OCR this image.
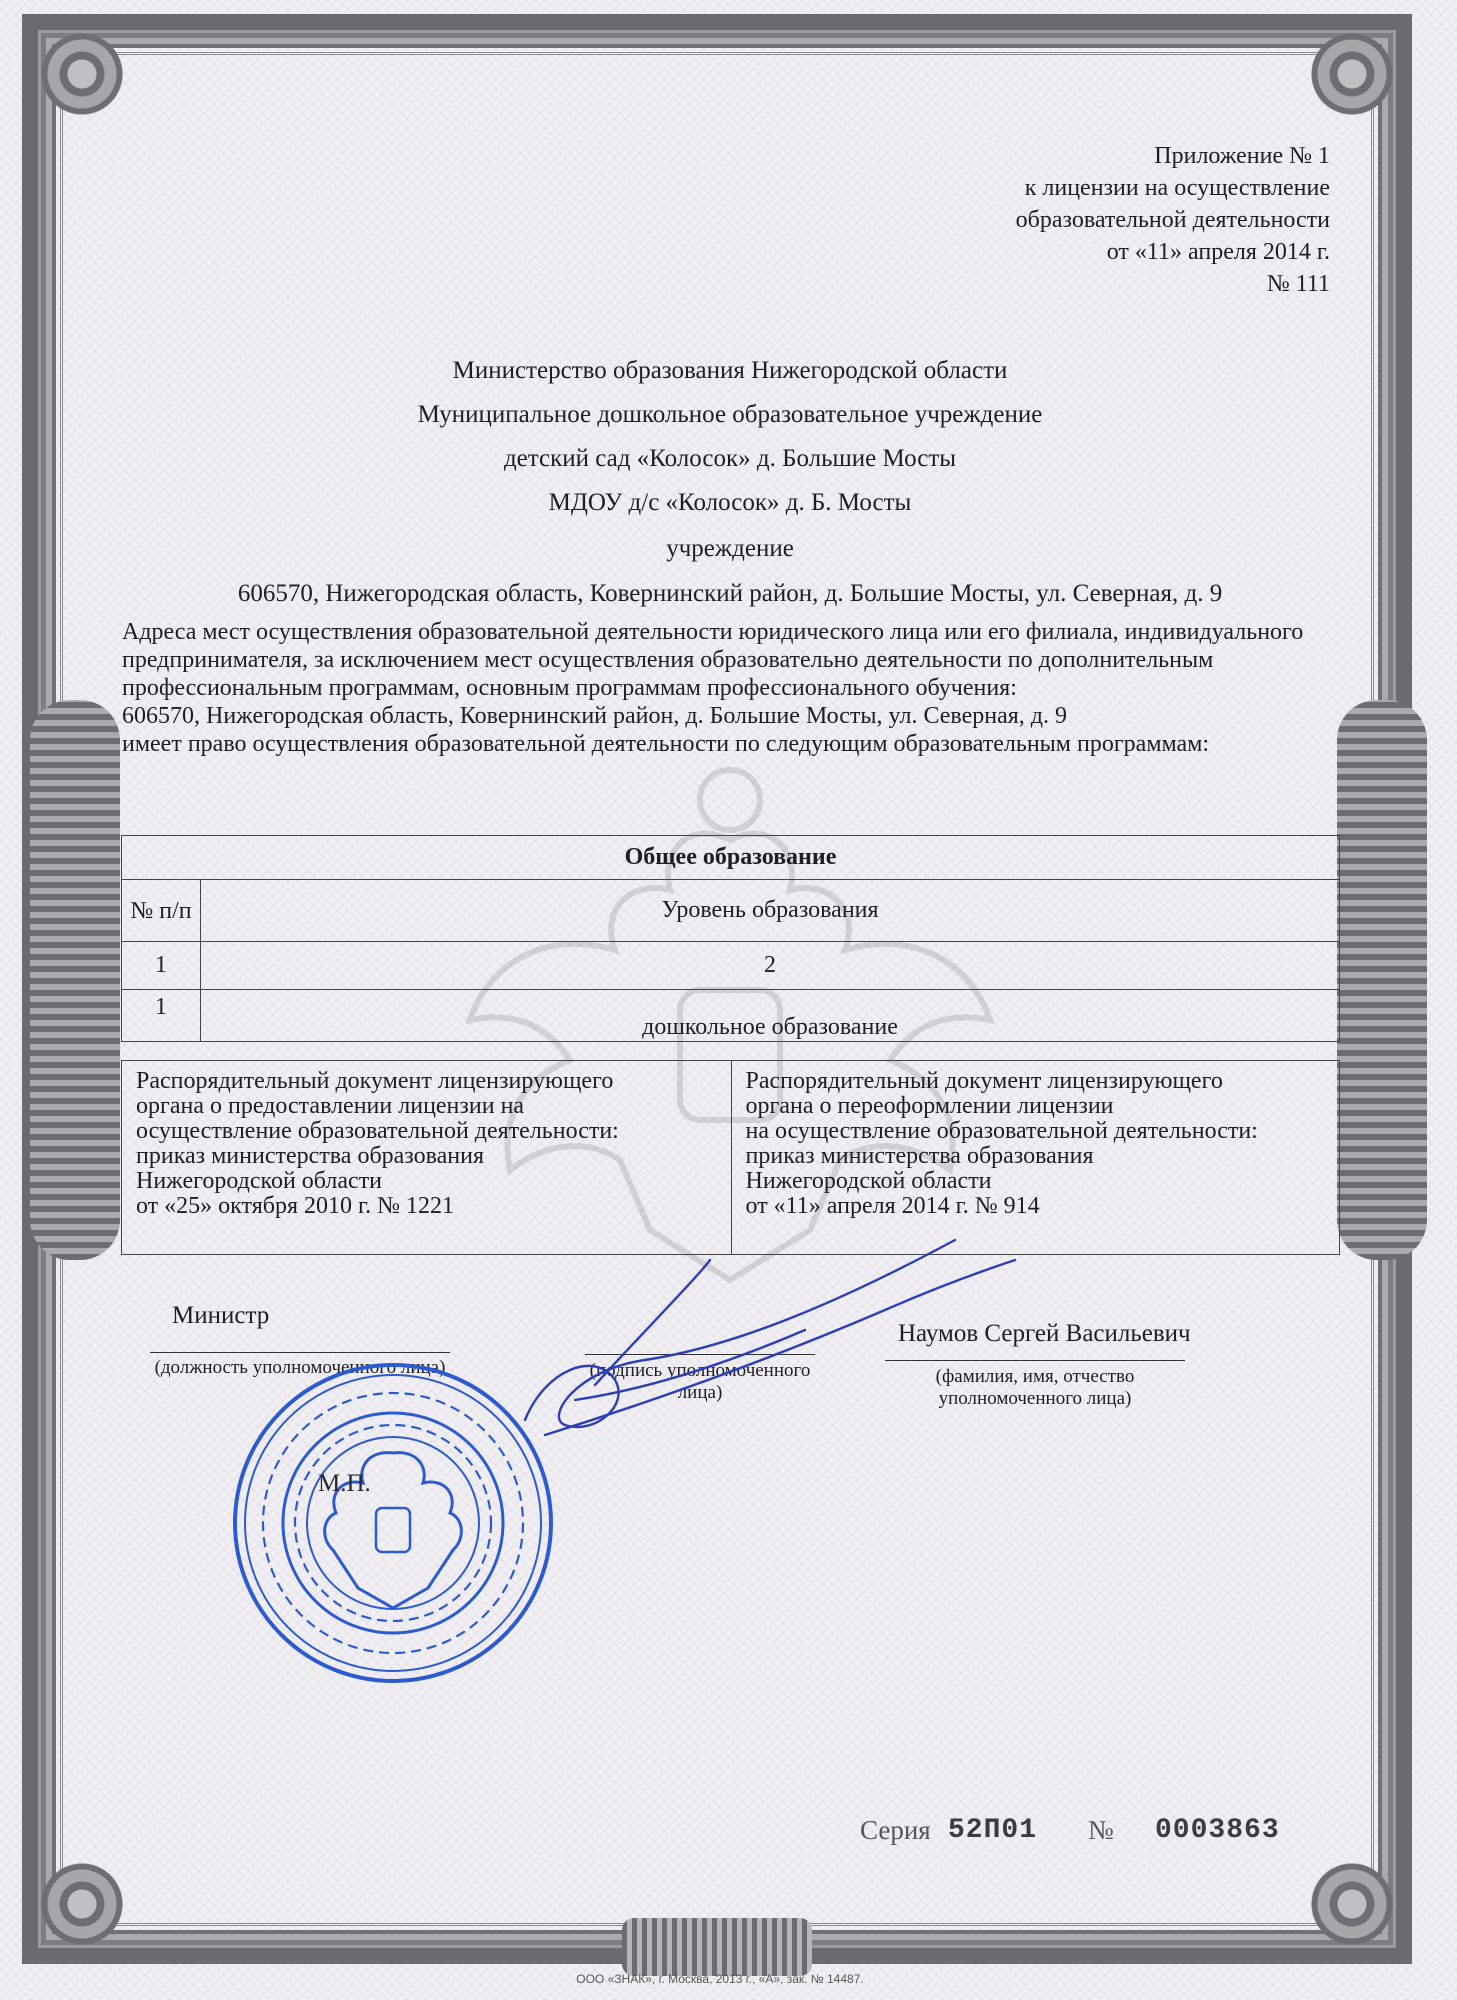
Приложение № 1
к лицензии на осуществление
образовательной деятельности
от «11» апреля 2014 г.
№ 111
Министерство образования Нижегородской области
Муниципальное дошкольное образовательное учреждение
детский сад «Колосок» д. Большие Мосты
МДОУ д/с «Колосок» д. Б. Мосты
учреждение
606570, Нижегородская область, Ковернинский район, д. Большие Мосты, ул. Северная, д. 9

Адреса мест осуществления образовательной деятельности юридического лица или его филиала, индивидуального предпринимателя, за исключением мест осуществления образовательно деятельности по дополнительным профессиональным программам, основным программам профессионального обучения:

606570, Нижегородская область, Ковернинский район, д. Большие Мосты, ул. Северная, д. 9

имеет право осуществления образовательной деятельности по следующим образовательным программам:

Общее образование	
№ п/п	Уровень образования
1	2
1	дошкольное образование

Распорядительный документ лицензирующего

органа о предоставлении лицензии на

осуществление образовательной деятельности:

приказ министерства образования

Нижегородской области

от «25» октября 2010 г. № 1221

Распорядительный документ лицензирующего

органа о переоформлении лицензии

на осуществление образовательной деятельности:

приказ министерства образования

Нижегородской области

от «11» апреля 2014 г. № 914

Министр
(должность уполномоченного лица)	(подпись уполномоченного
лица)
Наумов Сергей Васильевич
(фамилия, имя, отчество
уполномоченного лица)
М.П.
Серия 52П01 № 0003863
ООО «ЗНАК», г. Москва, 2013 г., «А», зак. № 14487.
